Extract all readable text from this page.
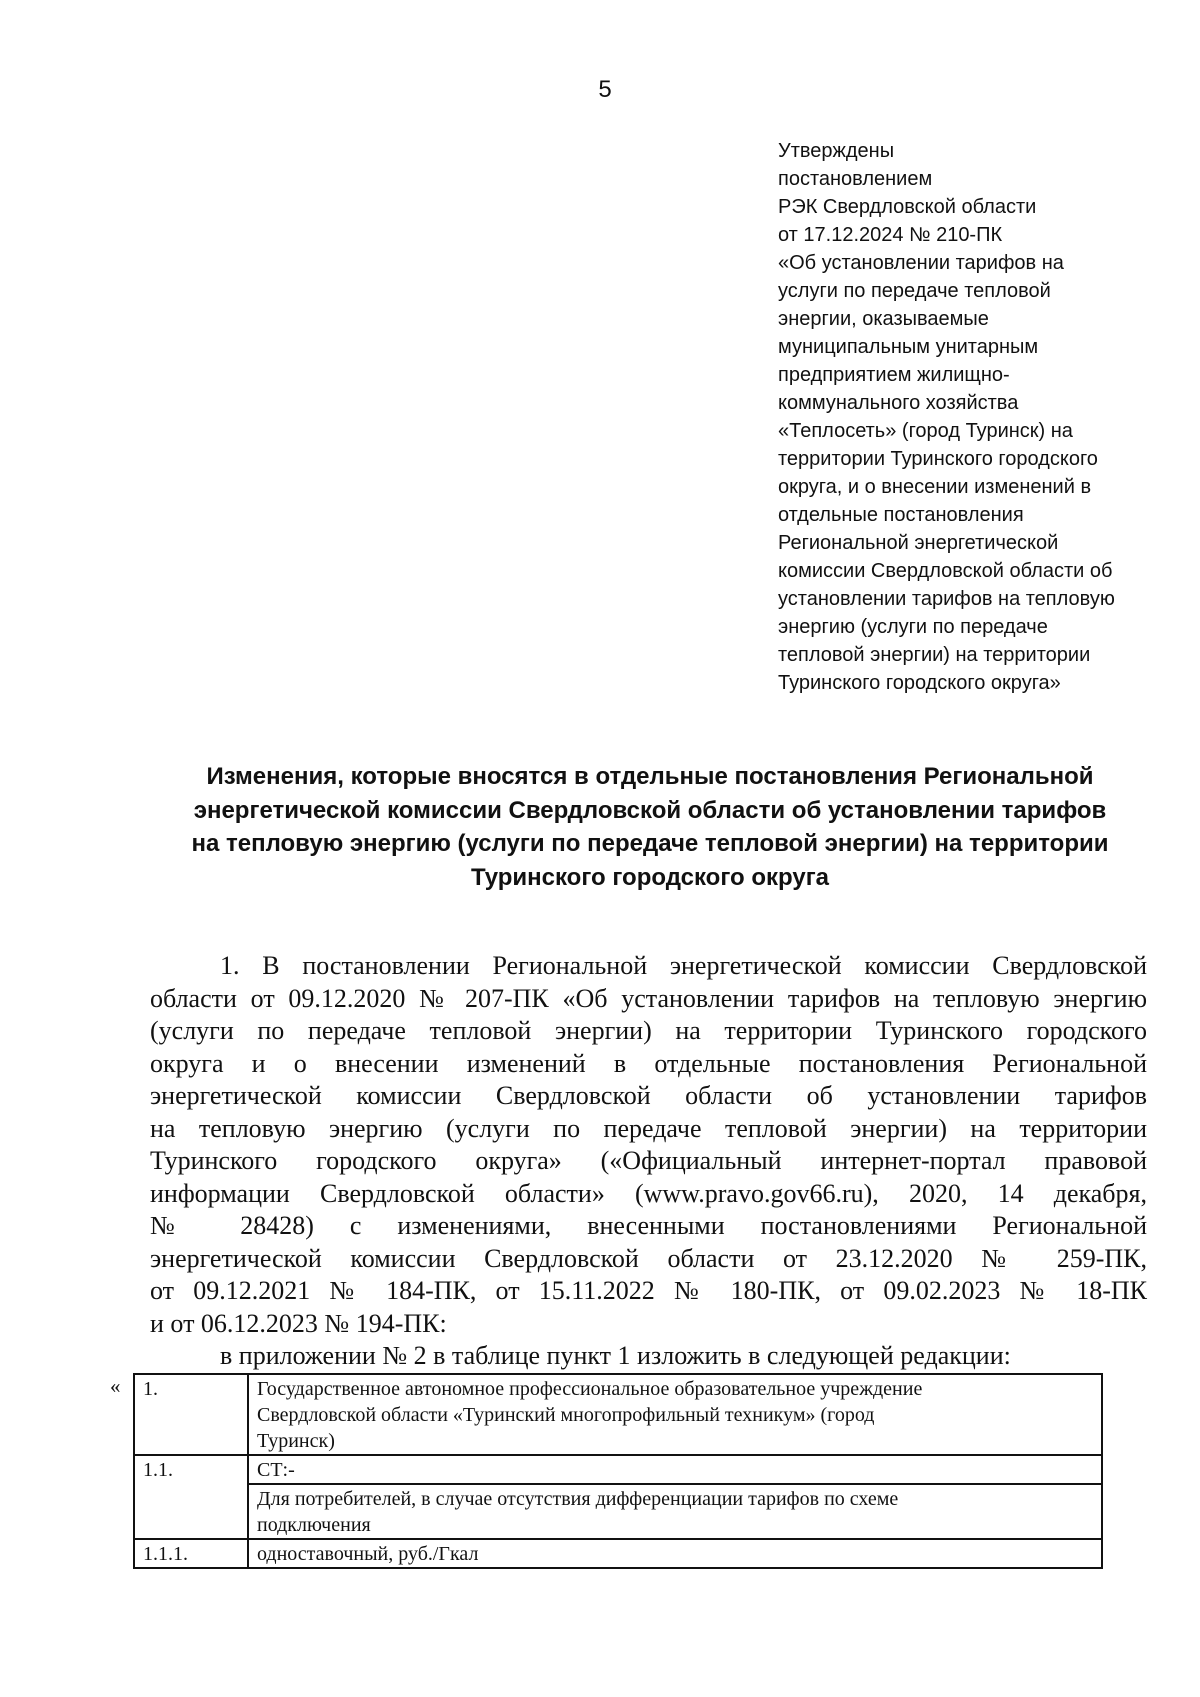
5
Утверждены
постановлением
РЭК Свердловской области
от 17.12.2024 № 210-ПК
«Об установлении тарифов на
услуги по передаче тепловой
энергии, оказываемые
муниципальным унитарным
предприятием жилищно-
коммунального хозяйства
«Теплосеть» (город Туринск) на
территории Туринского городского
округа, и о внесении изменений в
отдельные постановления
Региональной энергетической
комиссии Свердловской области об
установлении тарифов на тепловую
энергию (услуги по передаче
тепловой энергии) на территории
Туринского городского округа»
Изменения, которые вносятся в отдельные постановления Региональной
энергетической комиссии Свердловской области об установлении тарифов
на тепловую энергию (услуги по передаче тепловой энергии) на территории
Туринского городского округа
1. В постановлении Региональной энергетической комиссии Свердловской
области от 09.12.2020 № 207-ПК «Об установлении тарифов на тепловую энергию
(услуги по передаче тепловой энергии) на территории Туринского городского
округа и о внесении изменений в отдельные постановления Региональной
энергетической комиссии Свердловской области об установлении тарифов
на тепловую энергию (услуги по передаче тепловой энергии) на территории
Туринского городского округа» («Официальный интернет-портал правовой
информации Свердловской области» (www.pravo.gov66.ru), 2020, 14 декабря,
№ 28428) с изменениями, внесенными постановлениями Региональной
энергетической комиссии Свердловской области от 23.12.2020 № 259-ПК,
от 09.12.2021 № 184-ПК, от 15.11.2022 № 180-ПК, от 09.02.2023 № 18-ПК
и от 06.12.2023 № 194-ПК:
в приложении № 2 в таблице пункт 1 изложить в следующей редакции:
« 1.	Государственное автономное профессиональное образовательное учреждение
Свердловской области «Туринский многопрофильный техникум» (город
Туринск)

1.1.	СТ:-

	Для потребителей, в случае отсутствия дифференциации тарифов по схеме
подключения

1.1.1.	одноставочный, руб./Гкал
